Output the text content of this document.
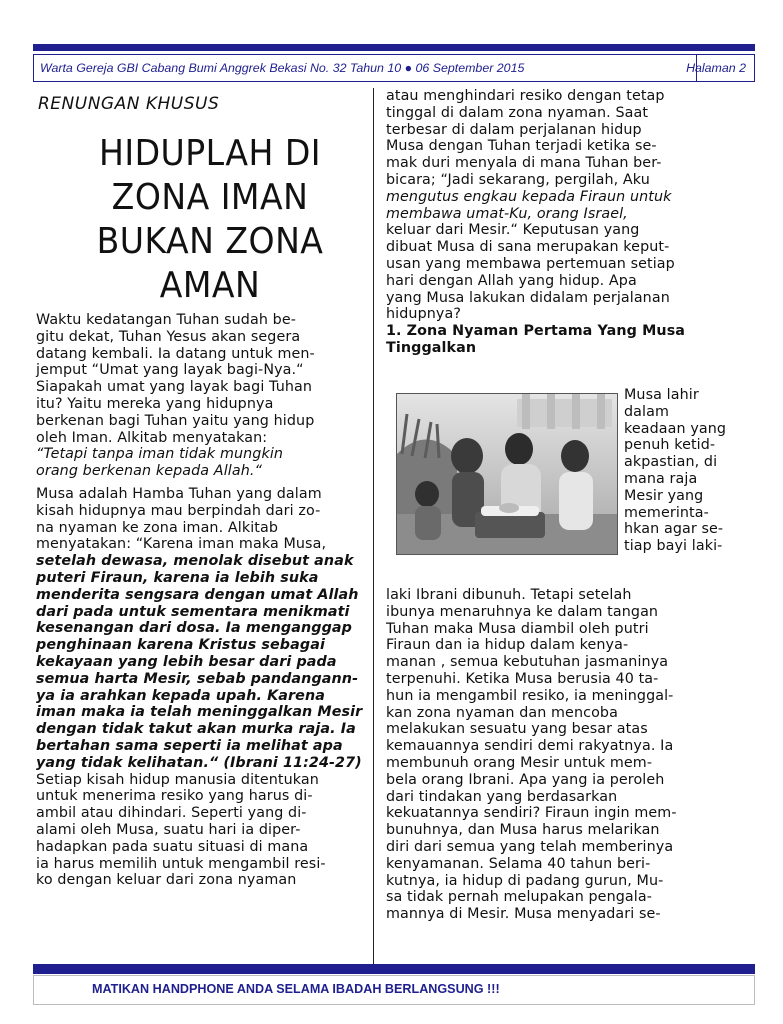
Warta Gereja GBI Cabang Bumi Anggrek Bekasi No. 32 Tahun 10 ● 06 September 2015	Halaman 2
RENUNGAN KHUSUS
HIDUPLAH DI
ZONA IMAN
BUKAN ZONA
AMAN
Waktu kedatangan Tuhan sudah be-
gitu dekat, Tuhan Yesus akan segera
datang kembali. Ia datang untuk men-
jemput “Umat yang layak bagi-Nya.“
Siapakah umat yang layak bagi Tuhan
itu? Yaitu mereka yang hidupnya
berkenan bagi Tuhan yaitu yang hidup
oleh Iman. Alkitab menyatakan:
“Tetapi tanpa iman tidak mungkin
orang berkenan kepada Allah.“
Musa adalah Hamba Tuhan yang dalam
kisah hidupnya mau berpindah dari zo-
na nyaman ke zona iman. Alkitab
menyatakan: “Karena iman maka Musa,
setelah dewasa, menolak disebut anak
puteri Firaun, karena ia lebih suka
menderita sengsara dengan umat Allah
dari pada untuk sementara menikmati
kesenangan dari dosa. Ia menganggap
penghinaan karena Kristus sebagai
kekayaan yang lebih besar dari pada
semua harta Mesir, sebab pandangann-
ya ia arahkan kepada upah. Karena
iman maka ia telah meninggalkan Mesir
dengan tidak takut akan murka raja. Ia
bertahan sama seperti ia melihat apa
yang tidak kelihatan.“ (Ibrani 11:24-27)
Setiap kisah hidup manusia ditentukan
untuk menerima resiko yang harus di-
ambil atau dihindari. Seperti yang di-
alami oleh Musa, suatu hari ia diper-
hadapkan pada suatu situasi di mana
ia harus memilih untuk mengambil resi-
ko dengan keluar dari zona nyaman
atau menghindari resiko dengan tetap
tinggal di dalam zona nyaman. Saat
terbesar di dalam perjalanan hidup
Musa dengan Tuhan terjadi ketika se-
mak duri menyala di mana Tuhan ber-
bicara; “Jadi sekarang, pergilah, Aku
mengutus engkau kepada Firaun untuk
membawa umat-Ku, orang Israel,
keluar dari Mesir.“ Keputusan yang
dibuat Musa di sana merupakan keput-
usan yang membawa pertemuan setiap
hari dengan Allah yang hidup. Apa
yang Musa lakukan didalam perjalanan
hidupnya?
1. Zona Nyaman Pertama Yang Musa
Tinggalkan
Musa lahir
dalam
keadaan yang
penuh ketid-
akpastian, di
mana raja
Mesir yang
memerinta-
hkan agar se-
tiap bayi laki-
laki Ibrani dibunuh. Tetapi setelah
ibunya menaruhnya ke dalam tangan
Tuhan maka Musa diambil oleh putri
Firaun dan ia hidup dalam kenya-
manan , semua kebutuhan jasmaninya
terpenuhi. Ketika Musa berusia 40 ta-
hun ia mengambil resiko, ia meninggal-
kan zona nyaman dan mencoba
melakukan sesuatu yang besar atas
kemauannya sendiri demi rakyatnya. Ia
membunuh orang Mesir untuk mem-
bela orang Ibrani. Apa yang ia peroleh
dari tindakan yang berdasarkan
kekuatannya sendiri? Firaun ingin mem-
bunuhnya, dan Musa harus melarikan
diri dari semua yang telah memberinya
kenyamanan. Selama 40 tahun beri-
kutnya, ia hidup di padang gurun, Mu-
sa tidak pernah melupakan pengala-
mannya di Mesir. Musa menyadari se-
MATIKAN HANDPHONE ANDA SELAMA IBADAH BERLANGSUNG !!!
